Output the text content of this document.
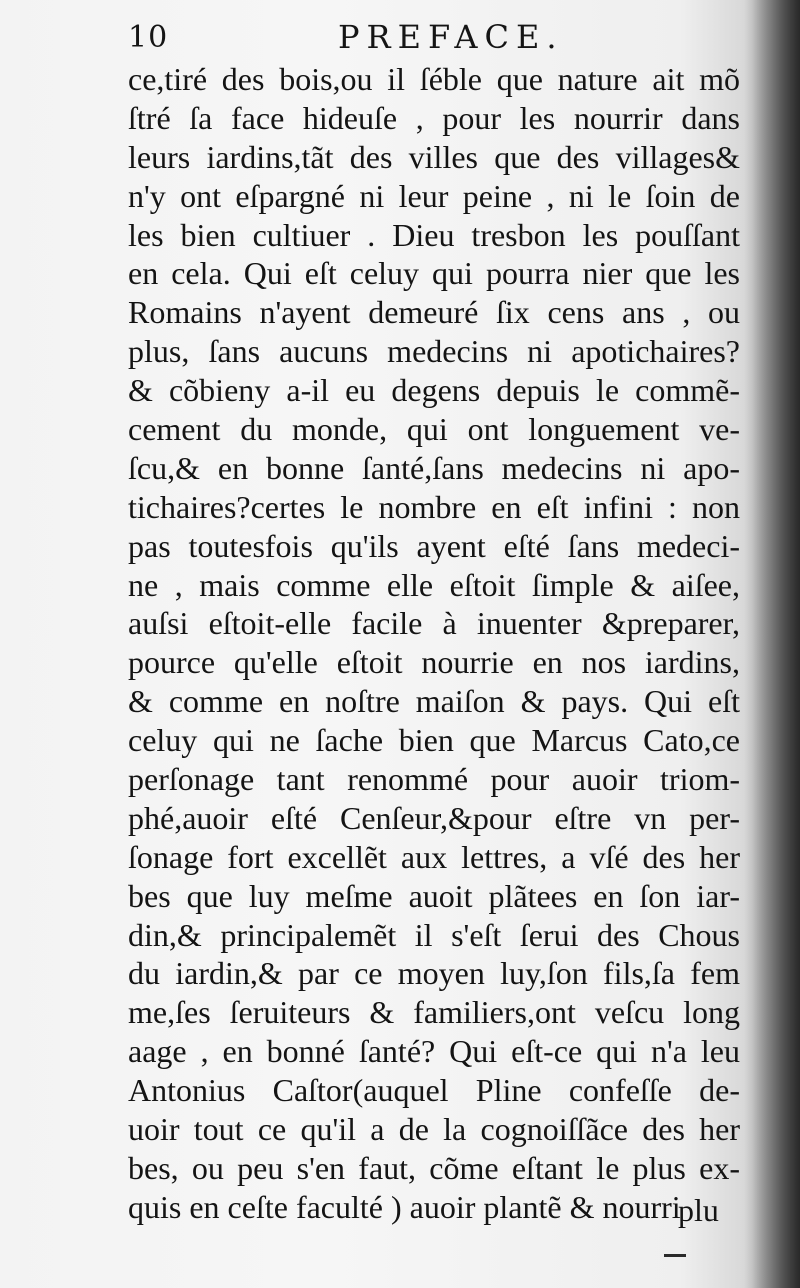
10	PREFACE.
ce,tiré des bois,ou il ſéble que nature ait mõ
ſtré ſa face hideuſe , pour les nourrir dans
leurs iardins,tãt des villes que des villages&
n'y ont eſpargné ni leur peine , ni le ſoin de
les bien cultiuer . Dieu tresbon les pouſſant
en cela. Qui eſt celuy qui pourra nier que les
Romains n'ayent demeuré ſix cens ans , ou
plus, ſans aucuns medecins ni apotichaires?
& cõbieny a-il eu degens depuis le commẽ-
cement du monde, qui ont longuement ve-
ſcu,& en bonne ſanté,ſans medecins ni apo-
tichaires?certes le nombre en eſt infini : non
pas toutesfois qu'ils ayent eſté ſans medeci-
ne , mais comme elle eſtoit ſimple & aiſee,
auſsi eſtoit-elle facile à inuenter &preparer,
pource qu'elle eſtoit nourrie en nos iardins,
& comme en noſtre maiſon & pays. Qui eſt
celuy qui ne ſache bien que Marcus Cato,ce
perſonage tant renommé pour auoir triom-
phé,auoir eſté Cenſeur,&pour eſtre vn per-
ſonage fort excellẽt aux lettres, a vſé des her
bes que luy meſme auoit plãtees en ſon iar-
din,& principalemẽt il s'eſt ſerui des Chous
du iardin,& par ce moyen luy,ſon fils,ſa fem
me,ſes ſeruiteurs & familiers,ont veſcu long
aage , en bonné ſanté? Qui eſt-ce qui n'a leu
Antonius Caſtor(auquel Pline confeſſe de-
uoir tout ce qu'il a de la cognoiſſãce des her
bes, ou peu s'en faut, cõme eſtant le plus ex-
quis en ceſte faculté ) auoir plantẽ & nourri
plu
